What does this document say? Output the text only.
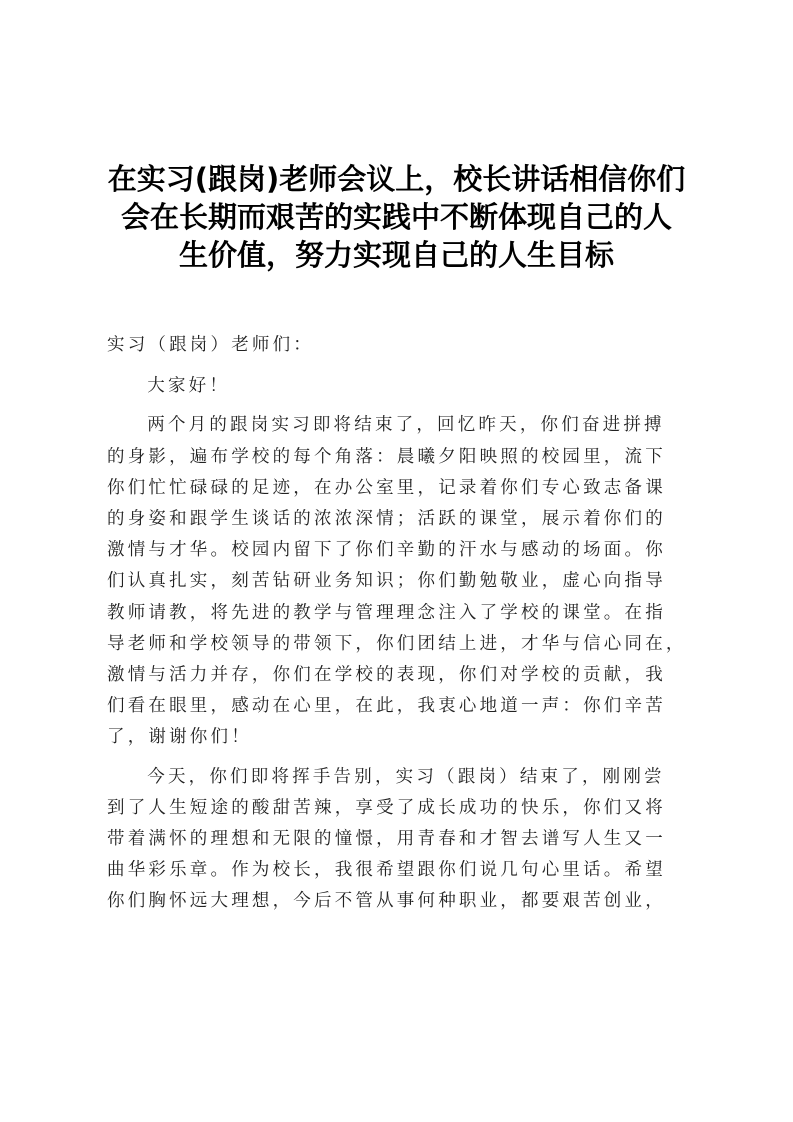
在实习(跟岗)老师会议上，校长讲话相信你们
会在长期而艰苦的实践中不断体现自己的人
生价值，努力实现自己的人生目标

实习（跟岗）老师们：

大家好！

两个月的跟岗实习即将结束了，回忆昨天，你们奋进拼搏
的身影，遍布学校的每个角落：晨曦夕阳映照的校园里，流下
你们忙忙碌碌的足迹，在办公室里，记录着你们专心致志备课
的身姿和跟学生谈话的浓浓深情；活跃的课堂，展示着你们的
激情与才华。校园内留下了你们辛勤的汗水与感动的场面。你
们认真扎实，刻苦钻研业务知识；你们勤勉敬业，虚心向指导
教师请教，将先进的教学与管理理念注入了学校的课堂。在指
导老师和学校领导的带领下，你们团结上进，才华与信心同在，
激情与活力并存，你们在学校的表现，你们对学校的贡献，我
们看在眼里，感动在心里，在此，我衷心地道一声：你们辛苦
了，谢谢你们！

今天，你们即将挥手告别，实习（跟岗）结束了，刚刚尝
到了人生短途的酸甜苦辣，享受了成长成功的快乐，你们又将
带着满怀的理想和无限的憧憬，用青春和才智去谱写人生又一
曲华彩乐章。作为校长，我很希望跟你们说几句心里话。希望
你们胸怀远大理想，今后不管从事何种职业，都要艰苦创业，
